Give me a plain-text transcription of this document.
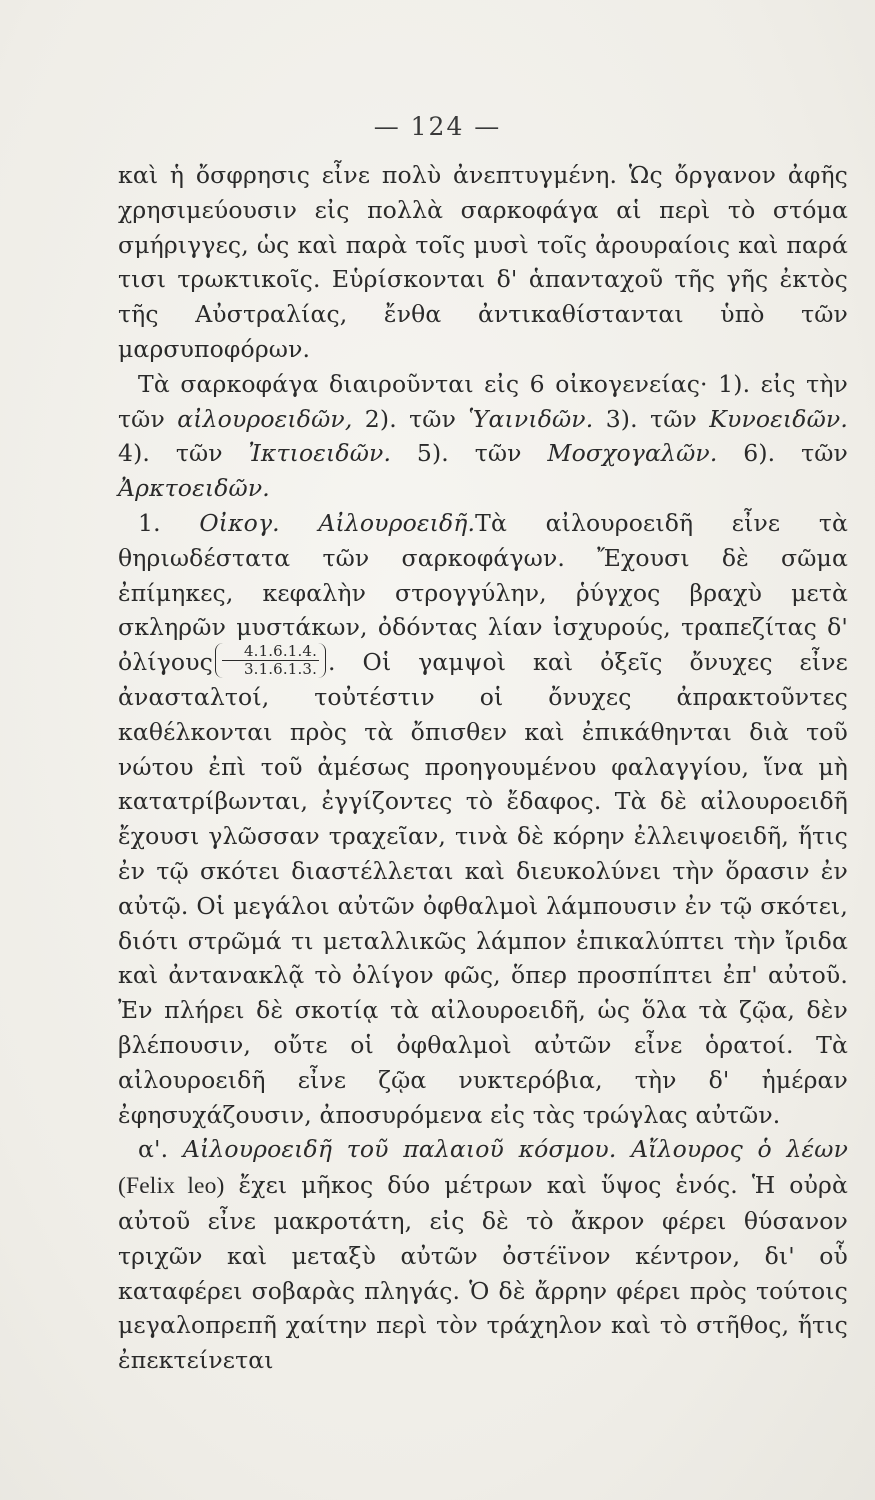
— 124 —

καὶ ἡ ὄσφρησις εἶνε πολὺ ἀνεπτυγμένη. Ὡς ὄργανον ἀφῆς χρησιμεύουσιν εἰς πολλὰ σαρκοφάγα αἱ περὶ τὸ στόμα σμήριγγες, ὡς καὶ παρὰ τοῖς μυσὶ τοῖς ἀρουραίοις καὶ παρά τισι τρωκτικοῖς. Εὑρίσκονται δ' ἁπανταχοῦ τῆς γῆς ἐκτὸς τῆς Αὐστραλίας, ἔνθα ἀντικαθίστανται ὑπὸ τῶν μαρσυποφόρων.

Τὰ σαρκοφάγα διαιροῦνται εἰς 6 οἰκογενείας· 1). εἰς τὴν τῶν αἰλουροειδῶν, 2). τῶν Ὑαινιδῶν. 3). τῶν Κυνοειδῶν. 4). τῶν Ἰκτιοειδῶν. 5). τῶν Μοσχογαλῶν. 6). τῶν Ἀρκτοειδῶν.

1. Οἰκογ. Αἰλουροειδῆ.Τὰ αἰλουροειδῆ εἶνε τὰ θηριωδέστατα τῶν σαρκοφάγων. Ἔχουσι δὲ σῶμα ἐπίμηκες, κεφαλὴν στρογγύλην, ῥύγχος βραχὺ μετὰ σκληρῶν μυστάκων, ὀδόντας λίαν ἰσχυρούς, τραπεζίτας δ' ὀλίγους $\frac{4.1.6.1.4.}{3.1.6.1.3.}$ . Οἱ γαμψοὶ καὶ ὀξεῖς ὄνυχες εἶνε ἀνασταλτοί, τοὐτέστιν οἱ ὄνυχες ἀπρακτοῦντες καθέλκονται πρὸς τὰ ὄπισθεν καὶ ἐπικάθηνται διὰ τοῦ νώτου ἐπὶ τοῦ ἀμέσως προηγουμένου φαλαγγίου, ἵνα μὴ κατατρίβωνται, ἐγγίζοντες τὸ ἔδαφος. Τὰ δὲ αἰλουροειδῆ ἔχουσι γλῶσσαν τραχεῖαν, τινὰ δὲ κόρην ἐλλειψοειδῆ, ἥτις ἐν τῷ σκότει διαστέλλεται καὶ διευκολύνει τὴν ὅρασιν ἐν αὐτῷ. Οἱ μεγάλοι αὐτῶν ὀφθαλμοὶ λάμπουσιν ἐν τῷ σκότει, διότι στρῶμά τι μεταλλικῶς λάμπον ἐπικαλύπτει τὴν ἴριδα καὶ ἀντανακλᾷ τὸ ὀλίγον φῶς, ὅπερ προσπίπτει ἐπ' αὐτοῦ. Ἐν πλήρει δὲ σκοτίᾳ τὰ αἰλουροειδῆ, ὡς ὅλα τὰ ζῷα, δὲν βλέπουσιν, οὔτε οἱ ὀφθαλμοὶ αὐτῶν εἶνε ὁρατοί. Τὰ αἰλουροειδῆ εἶνε ζῷα νυκτερόβια, τὴν δ' ἡμέραν ἐφησυχάζουσιν, ἀποσυρόμενα εἰς τὰς τρώγλας αὐτῶν.

α'. Αἰλουροειδῆ τοῦ παλαιοῦ κόσμου. Αἴλουρος ὁ λέων (Felix leo) ἔχει μῆκος δύο μέτρων καὶ ὕψος ἑνός. Ἡ οὐρὰ αὐτοῦ εἶνε μακροτάτη, εἰς δὲ τὸ ἄκρον φέρει θύσανον τριχῶν καὶ μεταξὺ αὐτῶν ὀστέϊνον κέντρον, δι' οὗ καταφέρει σοβαρὰς πληγάς. Ὁ δὲ ἄρρην φέρει πρὸς τούτοις μεγαλοπρεπῆ χαίτην περὶ τὸν τράχηλον καὶ τὸ στῆθος, ἥτις ἐπεκτείνεται
